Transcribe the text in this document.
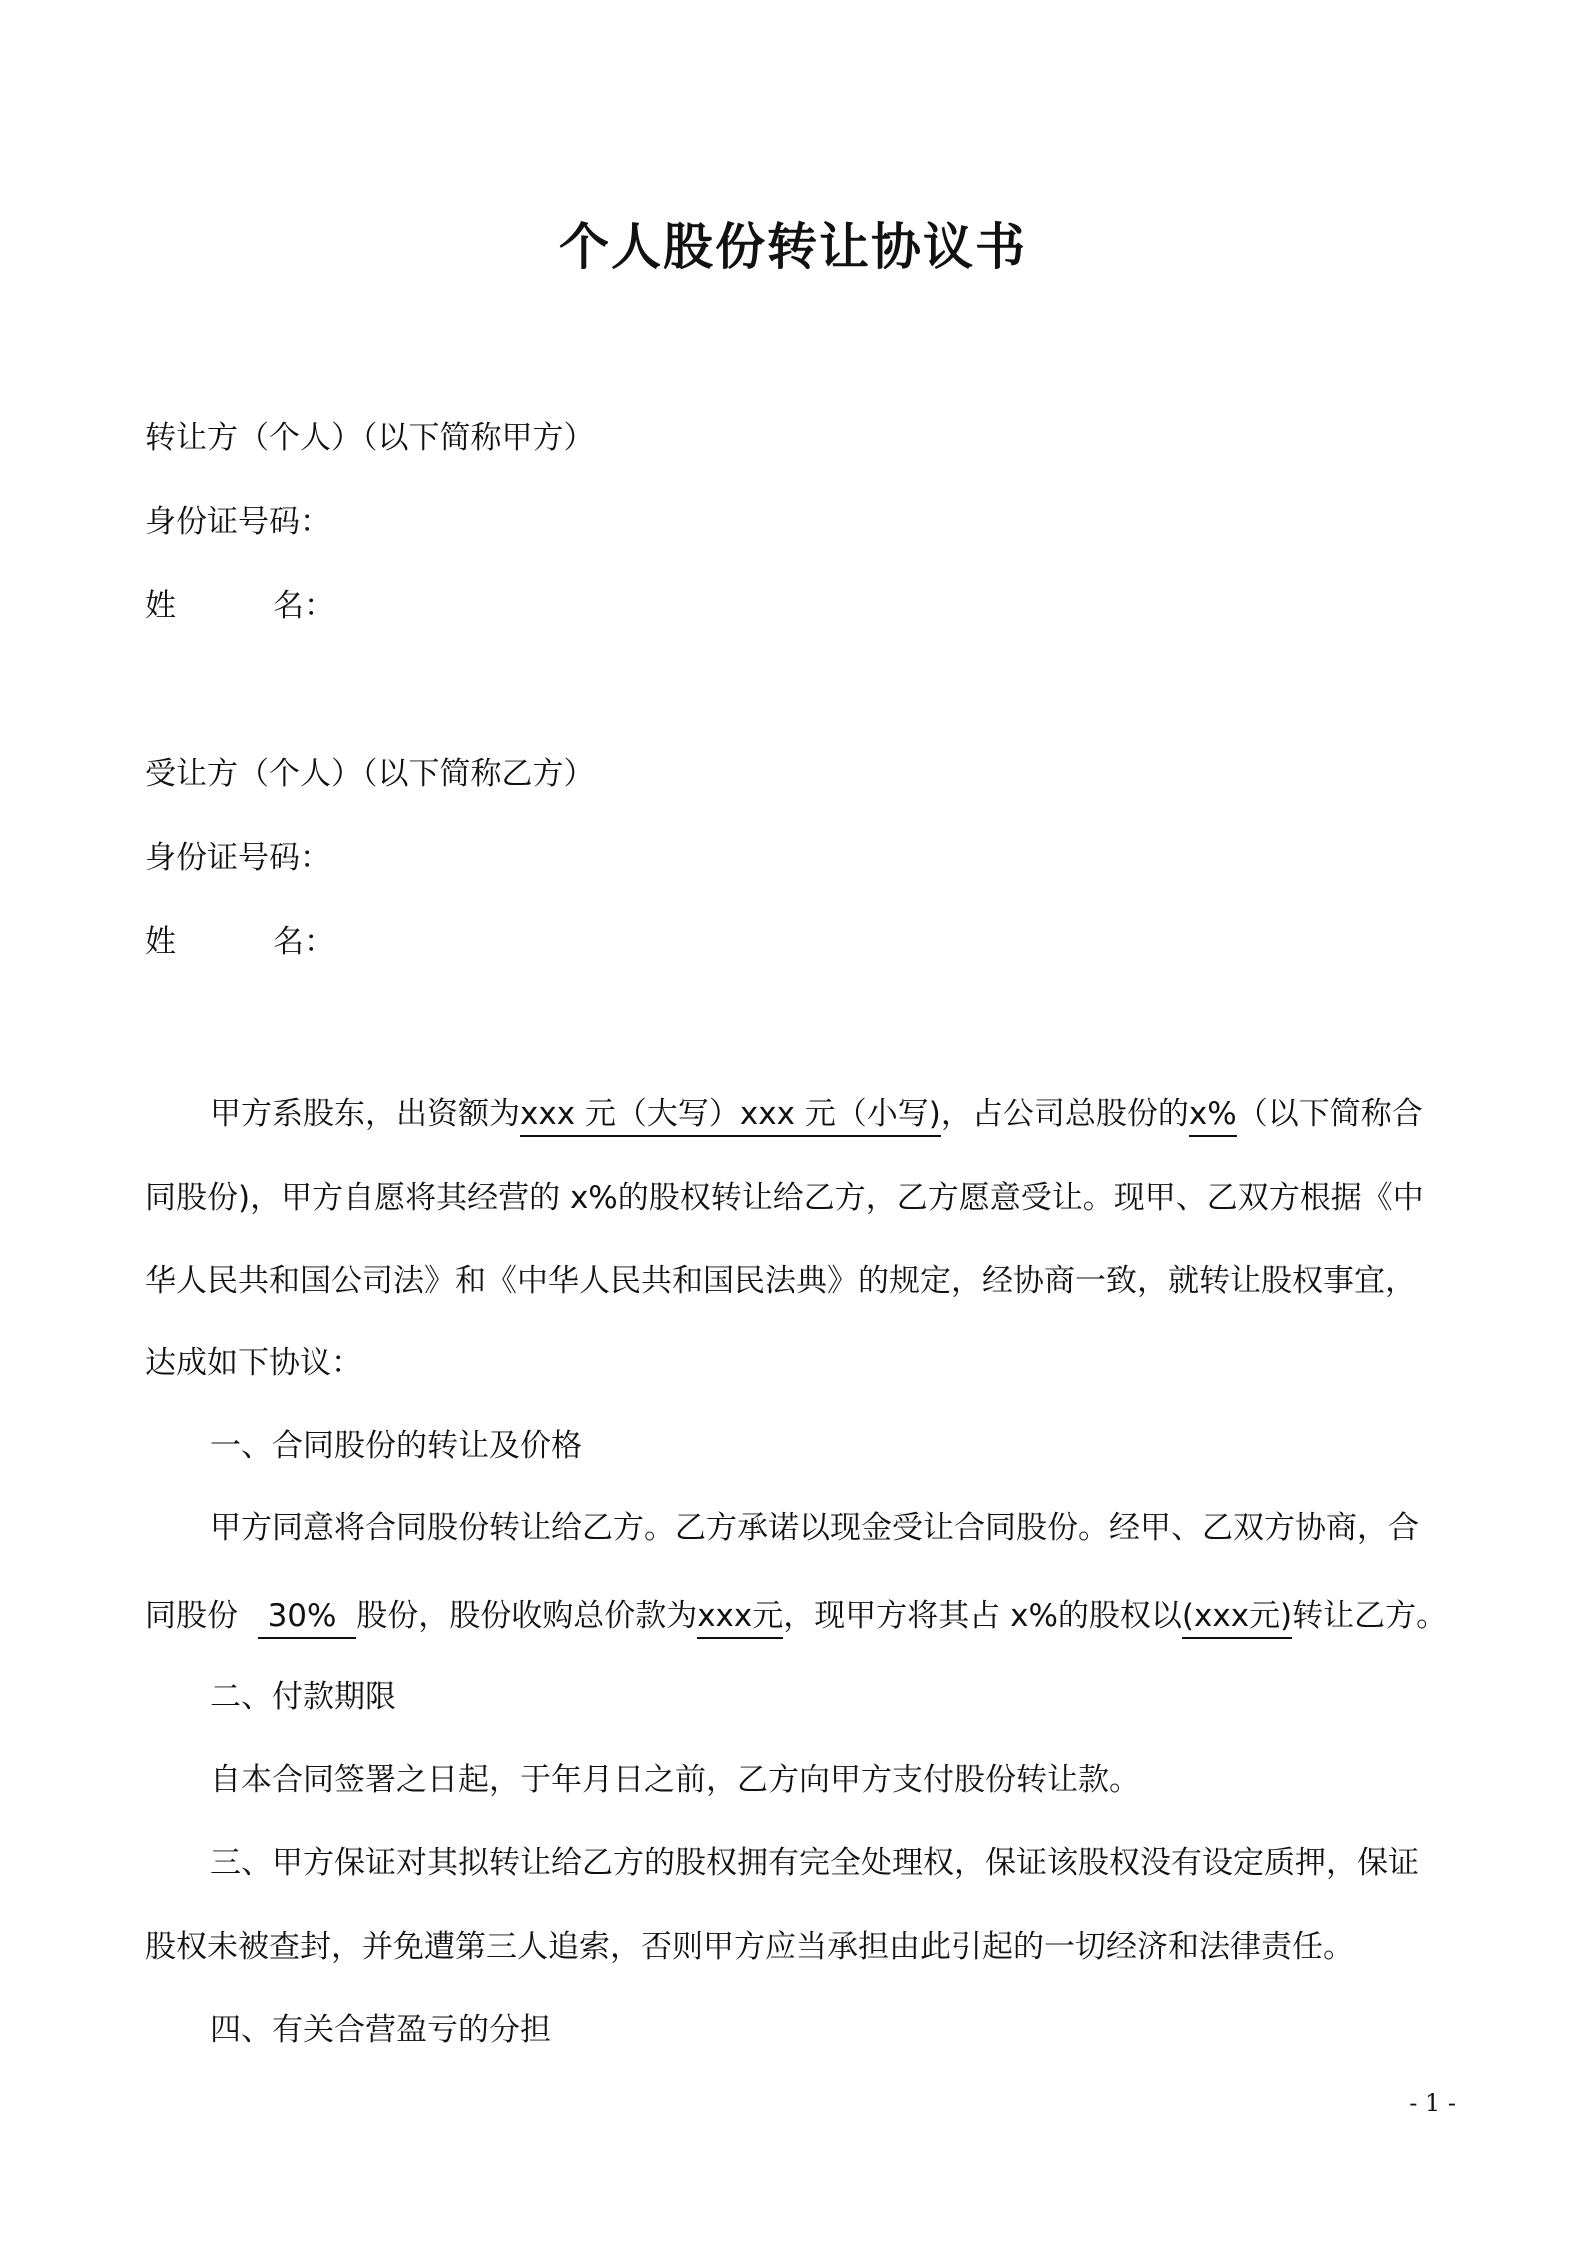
个人股份转让协议书
转让方（个人）（以下简称甲方）
身份证号码：
姓	名：
受让方（个人）（以下简称乙方）
身份证号码：
姓	名：
甲方系股东，出资额为xxx 元（大写）xxx 元（小写)，占公司总股份的x%（以下简称合
同股份)，甲方自愿将其经营的 x%的股权转让给乙方，乙方愿意受让。现甲、乙双方根据《中
华人民共和国公司法》和《中华人民共和国民法典》的规定，经协商一致，就转让股权事宜，
达成如下协议：
一、合同股份的转让及价格
甲方同意将合同股份转让给乙方。乙方承诺以现金受让合同股份。经甲、乙双方协商，合
同股份 30% 股份，股份收购总价款为xxx元，现甲方将其占 x%的股权以(xxx元)转让乙方。
二、付款期限
自本合同签署之日起，于年月日之前，乙方向甲方支付股份转让款。
三、甲方保证对其拟转让给乙方的股权拥有完全处理权，保证该股权没有设定质押，保证
股权未被查封，并免遭第三人追索，否则甲方应当承担由此引起的一切经济和法律责任。
四、有关合营盈亏的分担
- 1 -
